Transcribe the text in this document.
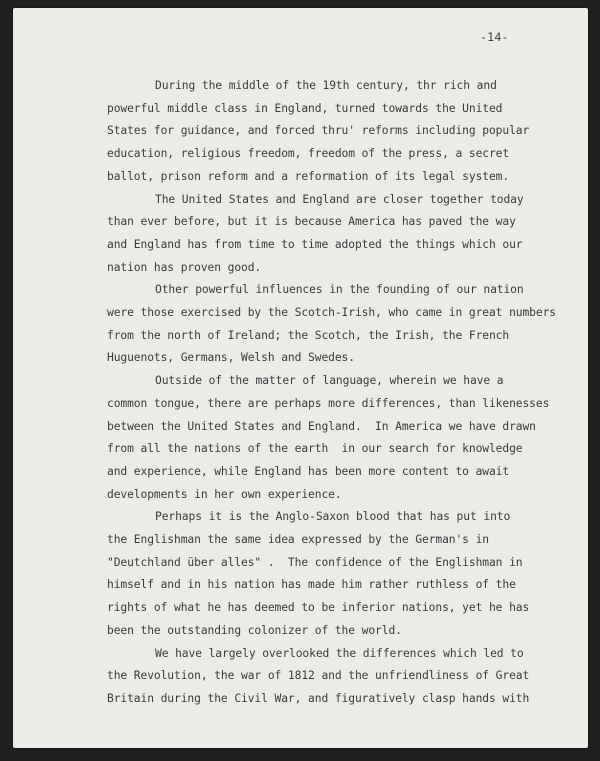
-14-

During the middle of the 19th century, thr rich and
powerful middle class in England, turned towards the United
States for guidance, and forced thru' reforms including popular
education, religious freedom, freedom of the press, a secret
ballot, prison reform and a reformation of its legal system.

The United States and England are closer together today
than ever before, but it is because America has paved the way
and England has from time to time adopted the things which our
nation has proven good.

Other powerful influences in the founding of our nation
were those exercised by the Scotch-Irish, who came in great numbers
from the north of Ireland; the Scotch, the Irish, the French
Huguenots, Germans, Welsh and Swedes.

Outside of the matter of language, wherein we have a
common tongue, there are perhaps more differences, than likenesses
between the United States and England.  In America we have drawn
from all the nations of the earth  in our search for knowledge
and experience, while England has been more content to await
developments in her own experience.

Perhaps it is the Anglo-Saxon blood that has put into
the Englishman the same idea expressed by the German's in
"Deutchland über alles" .  The confidence of the Englishman in
himself and in his nation has made him rather ruthless of the
rights of what he has deemed to be inferior nations, yet he has
been the outstanding colonizer of the world.

We have largely overlooked the differences which led to
the Revolution, the war of 1812 and the unfriendliness of Great
Britain during the Civil War, and figuratively clasp hands with
